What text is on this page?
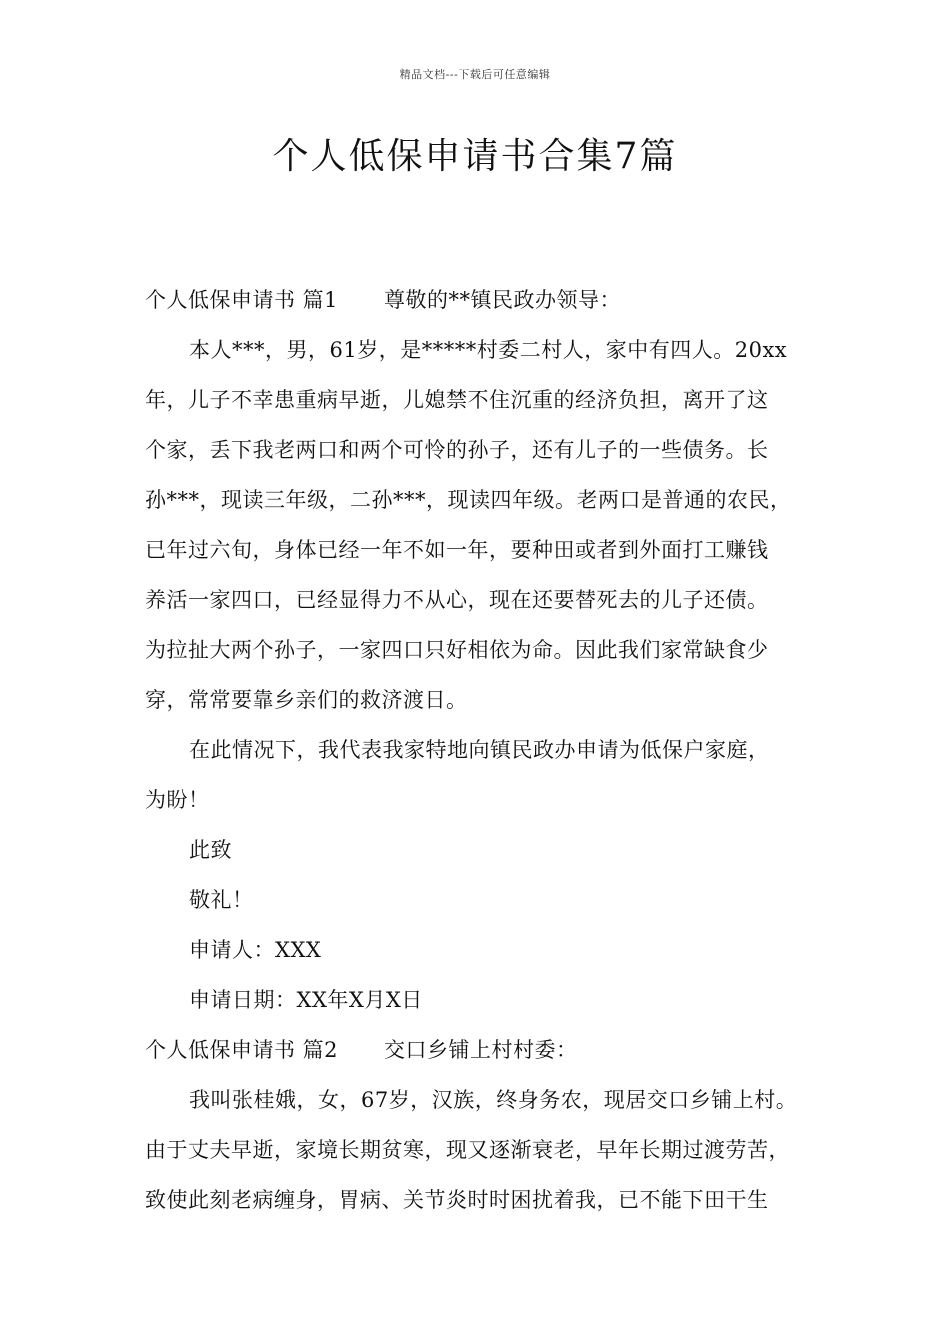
精品文档---下载后可任意编辑
个人低保申请书合集7篇
个人低保申请书 篇1 尊敬的**镇民政办领导：
本人***，男，61岁，是*****村委二村人，家中有四人。20xx
年，儿子不幸患重病早逝，儿媳禁不住沉重的经济负担，离开了这
个家，丢下我老两口和两个可怜的孙子，还有儿子的一些债务。长
孙***，现读三年级，二孙***，现读四年级。老两口是普通的农民，
已年过六旬，身体已经一年不如一年，要种田或者到外面打工赚钱
养活一家四口，已经显得力不从心，现在还要替死去的儿子还债。
为拉扯大两个孙子，一家四口只好相依为命。因此我们家常缺食少
穿，常常要靠乡亲们的救济渡日。
在此情况下，我代表我家特地向镇民政办申请为低保户家庭，
为盼！
此致
敬礼！
申请人：XXX
申请日期：XX年X月X日
个人低保申请书 篇2 交口乡铺上村村委：
我叫张桂娥，女，67岁，汉族，终身务农，现居交口乡铺上村。
由于丈夫早逝，家境长期贫寒，现又逐渐衰老，早年长期过渡劳苦，
致使此刻老病缠身，胃病、关节炎时时困扰着我，已不能下田干生
